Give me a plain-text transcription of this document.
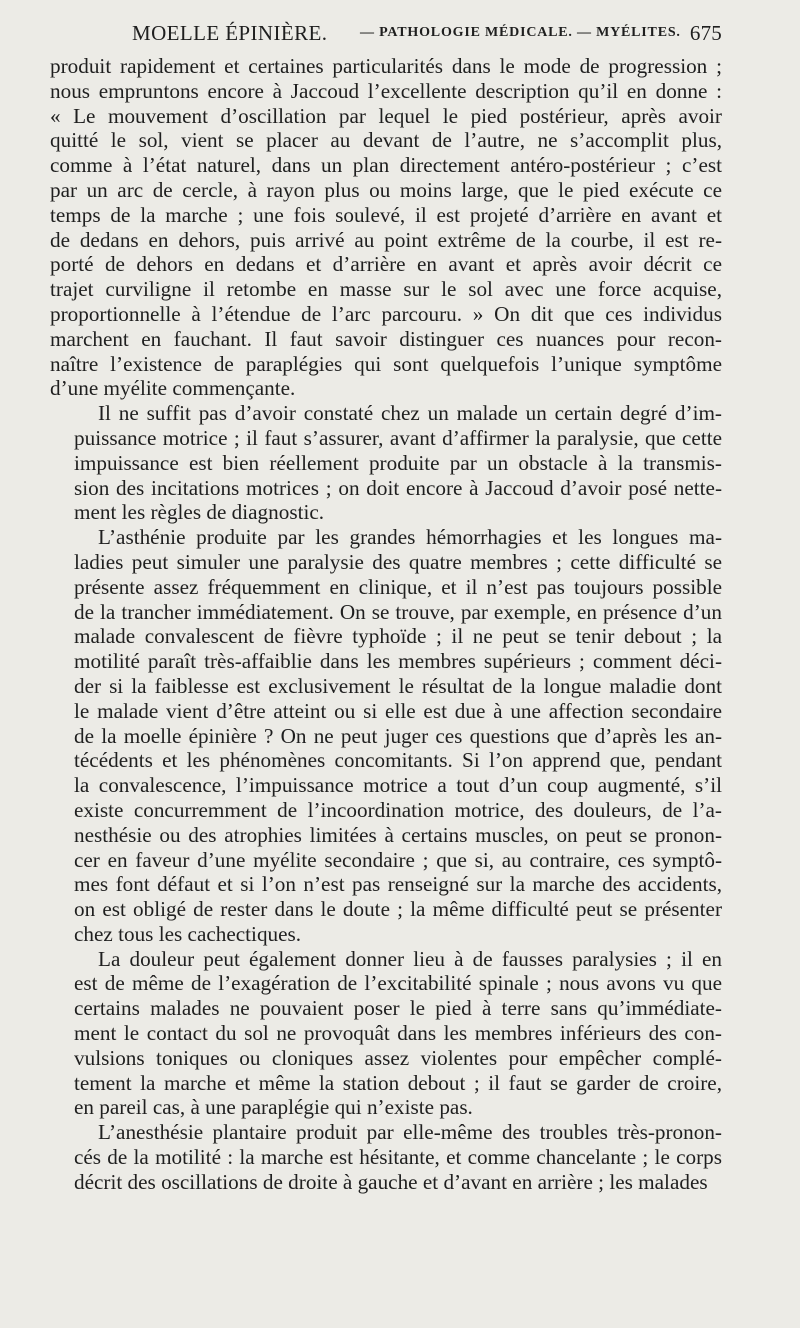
MOELLE ÉPINIÈRE. — PATHOLOGIE MÉDICALE. — MYÉLITES. 675
produit rapidement et certaines particularités dans le mode de progression ;
nous empruntons encore à Jaccoud l’excellente description qu’il en donne :
« Le mouvement d’oscillation par lequel le pied postérieur, après avoir
quitté le sol, vient se placer au devant de l’autre, ne s’accomplit plus,
comme à l’état naturel, dans un plan directement antéro-postérieur ; c’est
par un arc de cercle, à rayon plus ou moins large, que le pied exécute ce
temps de la marche ; une fois soulevé, il est projeté d’arrière en avant et
de dedans en dehors, puis arrivé au point extrême de la courbe, il est re-
porté de dehors en dedans et d’arrière en avant et après avoir décrit ce
trajet curviligne il retombe en masse sur le sol avec une force acquise,
proportionnelle à l’étendue de l’arc parcouru. » On dit que ces individus
marchent en fauchant. Il faut savoir distinguer ces nuances pour recon-
naître l’existence de paraplégies qui sont quelquefois l’unique symptôme
d’une myélite commençante.
Il ne suffit pas d’avoir constaté chez un malade un certain degré d’im-
puissance motrice ; il faut s’assurer, avant d’affirmer la paralysie, que cette
impuissance est bien réellement produite par un obstacle à la transmis-
sion des incitations motrices ; on doit encore à Jaccoud d’avoir posé nette-
ment les règles de diagnostic.
L’asthénie produite par les grandes hémorrhagies et les longues ma-
ladies peut simuler une paralysie des quatre membres ; cette difficulté se
présente assez fréquemment en clinique, et il n’est pas toujours possible
de la trancher immédiatement. On se trouve, par exemple, en présence d’un
malade convalescent de fièvre typhoïde ; il ne peut se tenir debout ; la
motilité paraît très-affaiblie dans les membres supérieurs ; comment déci-
der si la faiblesse est exclusivement le résultat de la longue maladie dont
le malade vient d’être atteint ou si elle est due à une affection secondaire
de la moelle épinière ? On ne peut juger ces questions que d’après les an-
técédents et les phénomènes concomitants. Si l’on apprend que, pendant
la convalescence, l’impuissance motrice a tout d’un coup augmenté, s’il
existe concurremment de l’incoordination motrice, des douleurs, de l’a-
nesthésie ou des atrophies limitées à certains muscles, on peut se pronon-
cer en faveur d’une myélite secondaire ; que si, au contraire, ces symptô-
mes font défaut et si l’on n’est pas renseigné sur la marche des accidents,
on est obligé de rester dans le doute ; la même difficulté peut se présenter
chez tous les cachectiques.
La douleur peut également donner lieu à de fausses paralysies ; il en
est de même de l’exagération de l’excitabilité spinale ; nous avons vu que
certains malades ne pouvaient poser le pied à terre sans qu’immédiate-
ment le contact du sol ne provoquât dans les membres inférieurs des con-
vulsions toniques ou cloniques assez violentes pour empêcher complé-
tement la marche et même la station debout ; il faut se garder de croire,
en pareil cas, à une paraplégie qui n’existe pas.
L’anesthésie plantaire produit par elle-même des troubles très-pronon-
cés de la motilité : la marche est hésitante, et comme chancelante ; le corps
décrit des oscillations de droite à gauche et d’avant en arrière ; les malades
